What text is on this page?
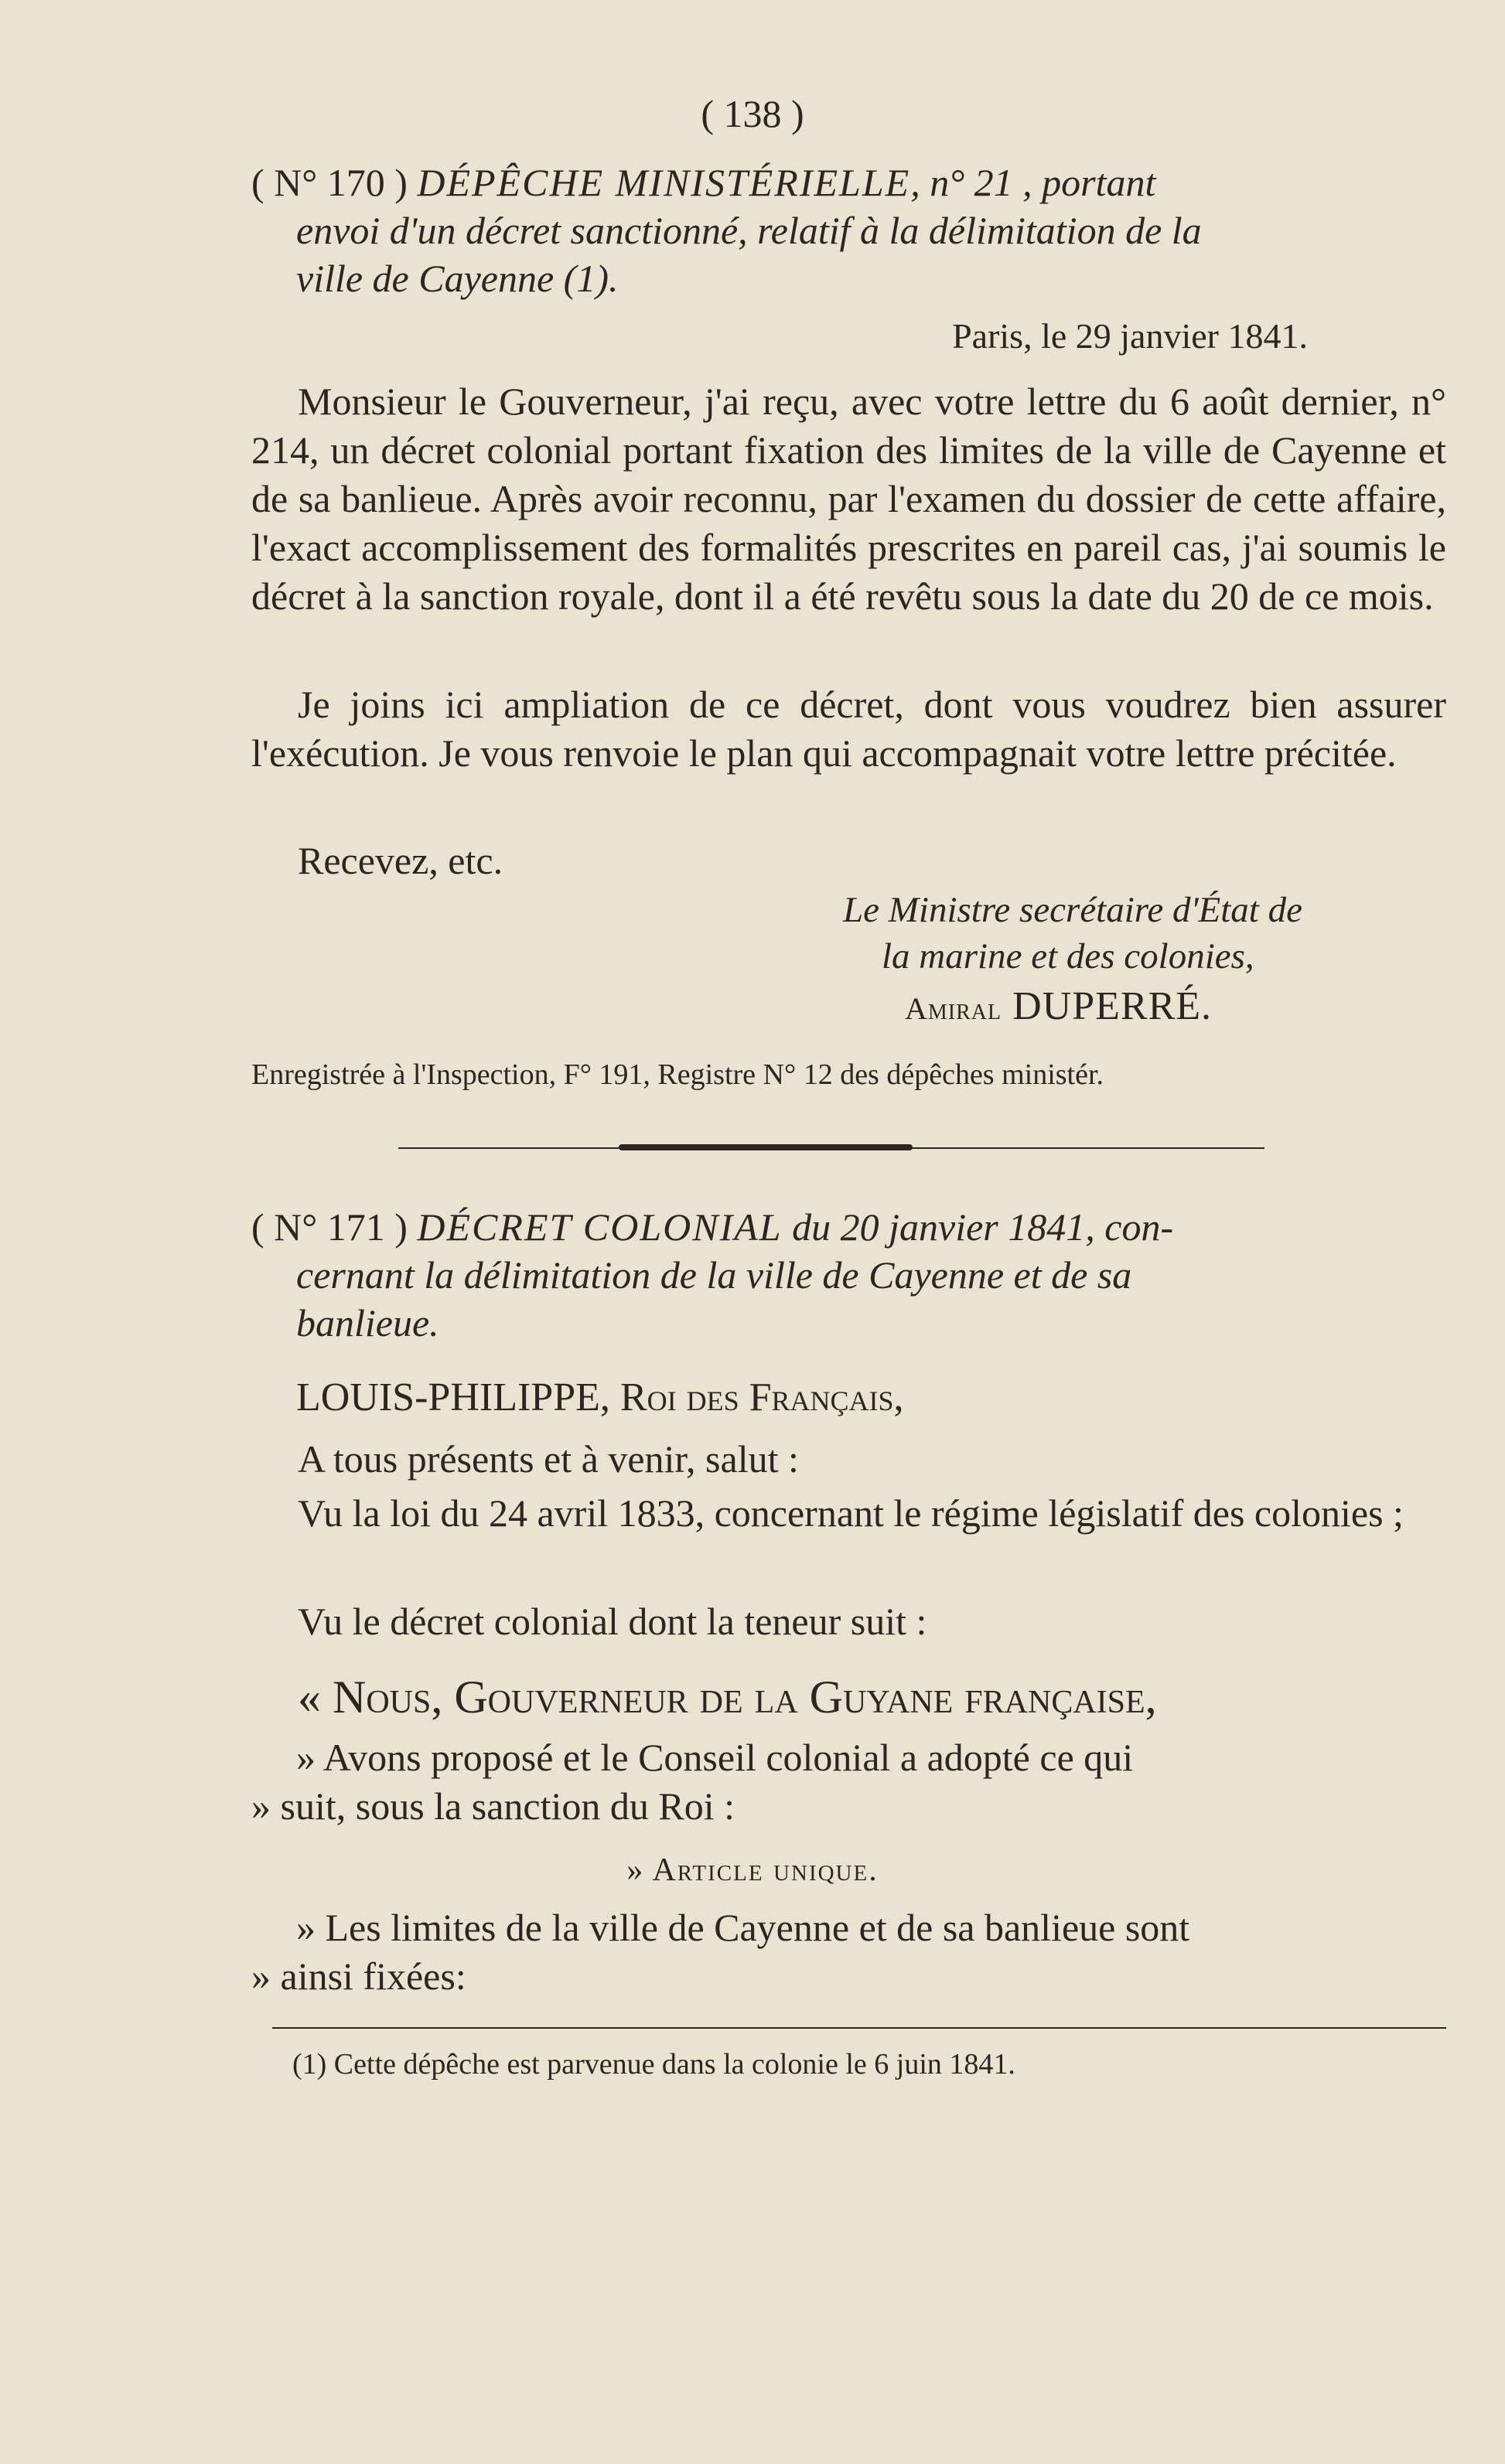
( 138 )
( N° 170 ) DÉPÊCHE MINISTÉRIELLE, n° 21 , portant
envoi d'un décret sanctionné, relatif à la délimitation de la
ville de Cayenne (1).
Paris, le 29 janvier 1841.
Monsieur le Gouverneur, j'ai reçu, avec votre lettre du 6 août dernier, n° 214, un décret colonial portant fixation des limites de la ville de Cayenne et de sa banlieue. Après avoir reconnu, par l'examen du dossier de cette affaire, l'exact accomplissement des formalités prescrites en pareil cas, j'ai soumis le décret à la sanction royale, dont il a été revêtu sous la date du 20 de ce mois.
Je joins ici ampliation de ce décret, dont vous voudrez bien assurer l'exécution. Je vous renvoie le plan qui accompagnait votre lettre précitée.
Recevez, etc.
Le Ministre secrétaire d'État de
la marine et des colonies,
Amiral DUPERRÉ.
Enregistrée à l'Inspection, F° 191, Registre N° 12 des dépêches ministér.
( N° 171 ) DÉCRET COLONIAL du 20 janvier 1841, con-
cernant la délimitation de la ville de Cayenne et de sa
banlieue.
LOUIS-PHILIPPE, Roi des Français,
A tous présents et à venir, salut :
Vu la loi du 24 avril 1833, concernant le régime législatif des colonies ;
Vu le décret colonial dont la teneur suit :
« Nous, Gouverneur de la Guyane française,
» Avons proposé et le Conseil colonial a adopté ce qui
» suit, sous la sanction du Roi :
» Article unique.
» Les limites de la ville de Cayenne et de sa banlieue sont
» ainsi fixées:
(1) Cette dépêche est parvenue dans la colonie le 6 juin 1841.
